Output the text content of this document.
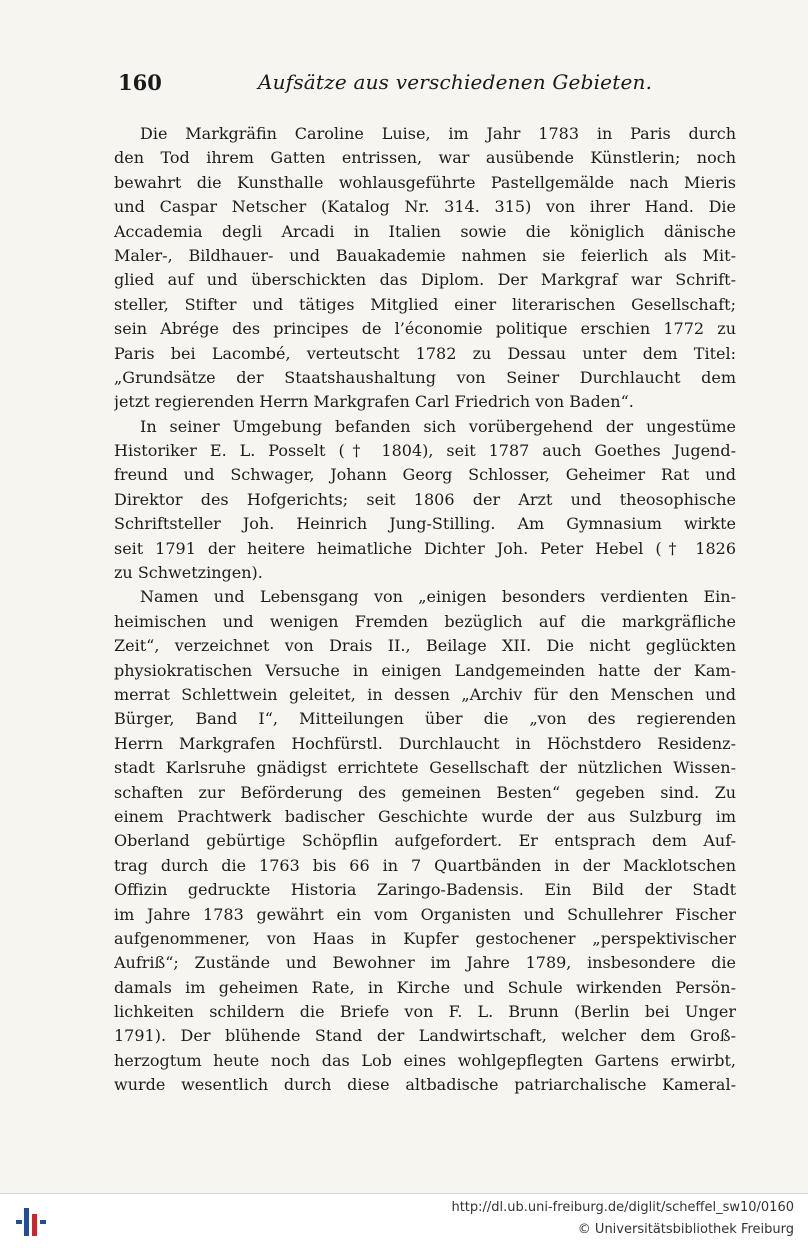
160	Aufsätze aus verschiedenen Gebieten.
Die Markgräfin Caroline Luise, im Jahr 1783 in Paris durch
den Tod ihrem Gatten entrissen, war ausübende Künstlerin; noch
bewahrt die Kunsthalle wohlausgeführte Pastellgemälde nach Mieris
und Caspar Netscher (Katalog Nr. 314. 315) von ihrer Hand. Die
Accademia degli Arcadi in Italien sowie die königlich dänische
Maler-, Bildhauer- und Bauakademie nahmen sie feierlich als Mit-
glied auf und überschickten das Diplom. Der Markgraf war Schrift-
steller, Stifter und tätiges Mitglied einer literarischen Gesellschaft;
sein Abrége des principes de l’économie politique erschien 1772 zu
Paris bei Lacombé, verteutscht 1782 zu Dessau unter dem Titel:
„Grundsätze der Staatshaushaltung von Seiner Durchlaucht dem
jetzt regierenden Herrn Markgrafen Carl Friedrich von Baden“.
In seiner Umgebung befanden sich vorübergehend der ungestüme
Historiker E. L. Posselt († 1804), seit 1787 auch Goethes Jugend-
freund und Schwager, Johann Georg Schlosser, Geheimer Rat und
Direktor des Hofgerichts; seit 1806 der Arzt und theosophische
Schriftsteller Joh. Heinrich Jung-Stilling. Am Gymnasium wirkte
seit 1791 der heitere heimatliche Dichter Joh. Peter Hebel († 1826
zu Schwetzingen).
Namen und Lebensgang von „einigen besonders verdienten Ein-
heimischen und wenigen Fremden bezüglich auf die markgräfliche
Zeit“, verzeichnet von Drais II., Beilage XII. Die nicht geglückten
physiokratischen Versuche in einigen Landgemeinden hatte der Kam-
merrat Schlettwein geleitet, in dessen „Archiv für den Menschen und
Bürger, Band I“, Mitteilungen über die „von des regierenden
Herrn Markgrafen Hochfürstl. Durchlaucht in Höchstdero Residenz-
stadt Karlsruhe gnädigst errichtete Gesellschaft der nützlichen Wissen-
schaften zur Beförderung des gemeinen Besten“ gegeben sind. Zu
einem Prachtwerk badischer Geschichte wurde der aus Sulzburg im
Oberland gebürtige Schöpflin aufgefordert. Er entsprach dem Auf-
trag durch die 1763 bis 66 in 7 Quartbänden in der Macklotschen
Offizin gedruckte Historia Zaringo-Badensis. Ein Bild der Stadt
im Jahre 1783 gewährt ein vom Organisten und Schullehrer Fischer
aufgenommener, von Haas in Kupfer gestochener „perspektivischer
Aufriß“; Zustände und Bewohner im Jahre 1789, insbesondere die
damals im geheimen Rate, in Kirche und Schule wirkenden Persön-
lichkeiten schildern die Briefe von F. L. Brunn (Berlin bei Unger
1791). Der blühende Stand der Landwirtschaft, welcher dem Groß-
herzogtum heute noch das Lob eines wohlgepflegten Gartens erwirbt,
wurde wesentlich durch diese altbadische patriarchalische Kameral-
http://dl.ub.uni-freiburg.de/diglit/scheffel_sw10/0160
© Universitätsbibliothek Freiburg
